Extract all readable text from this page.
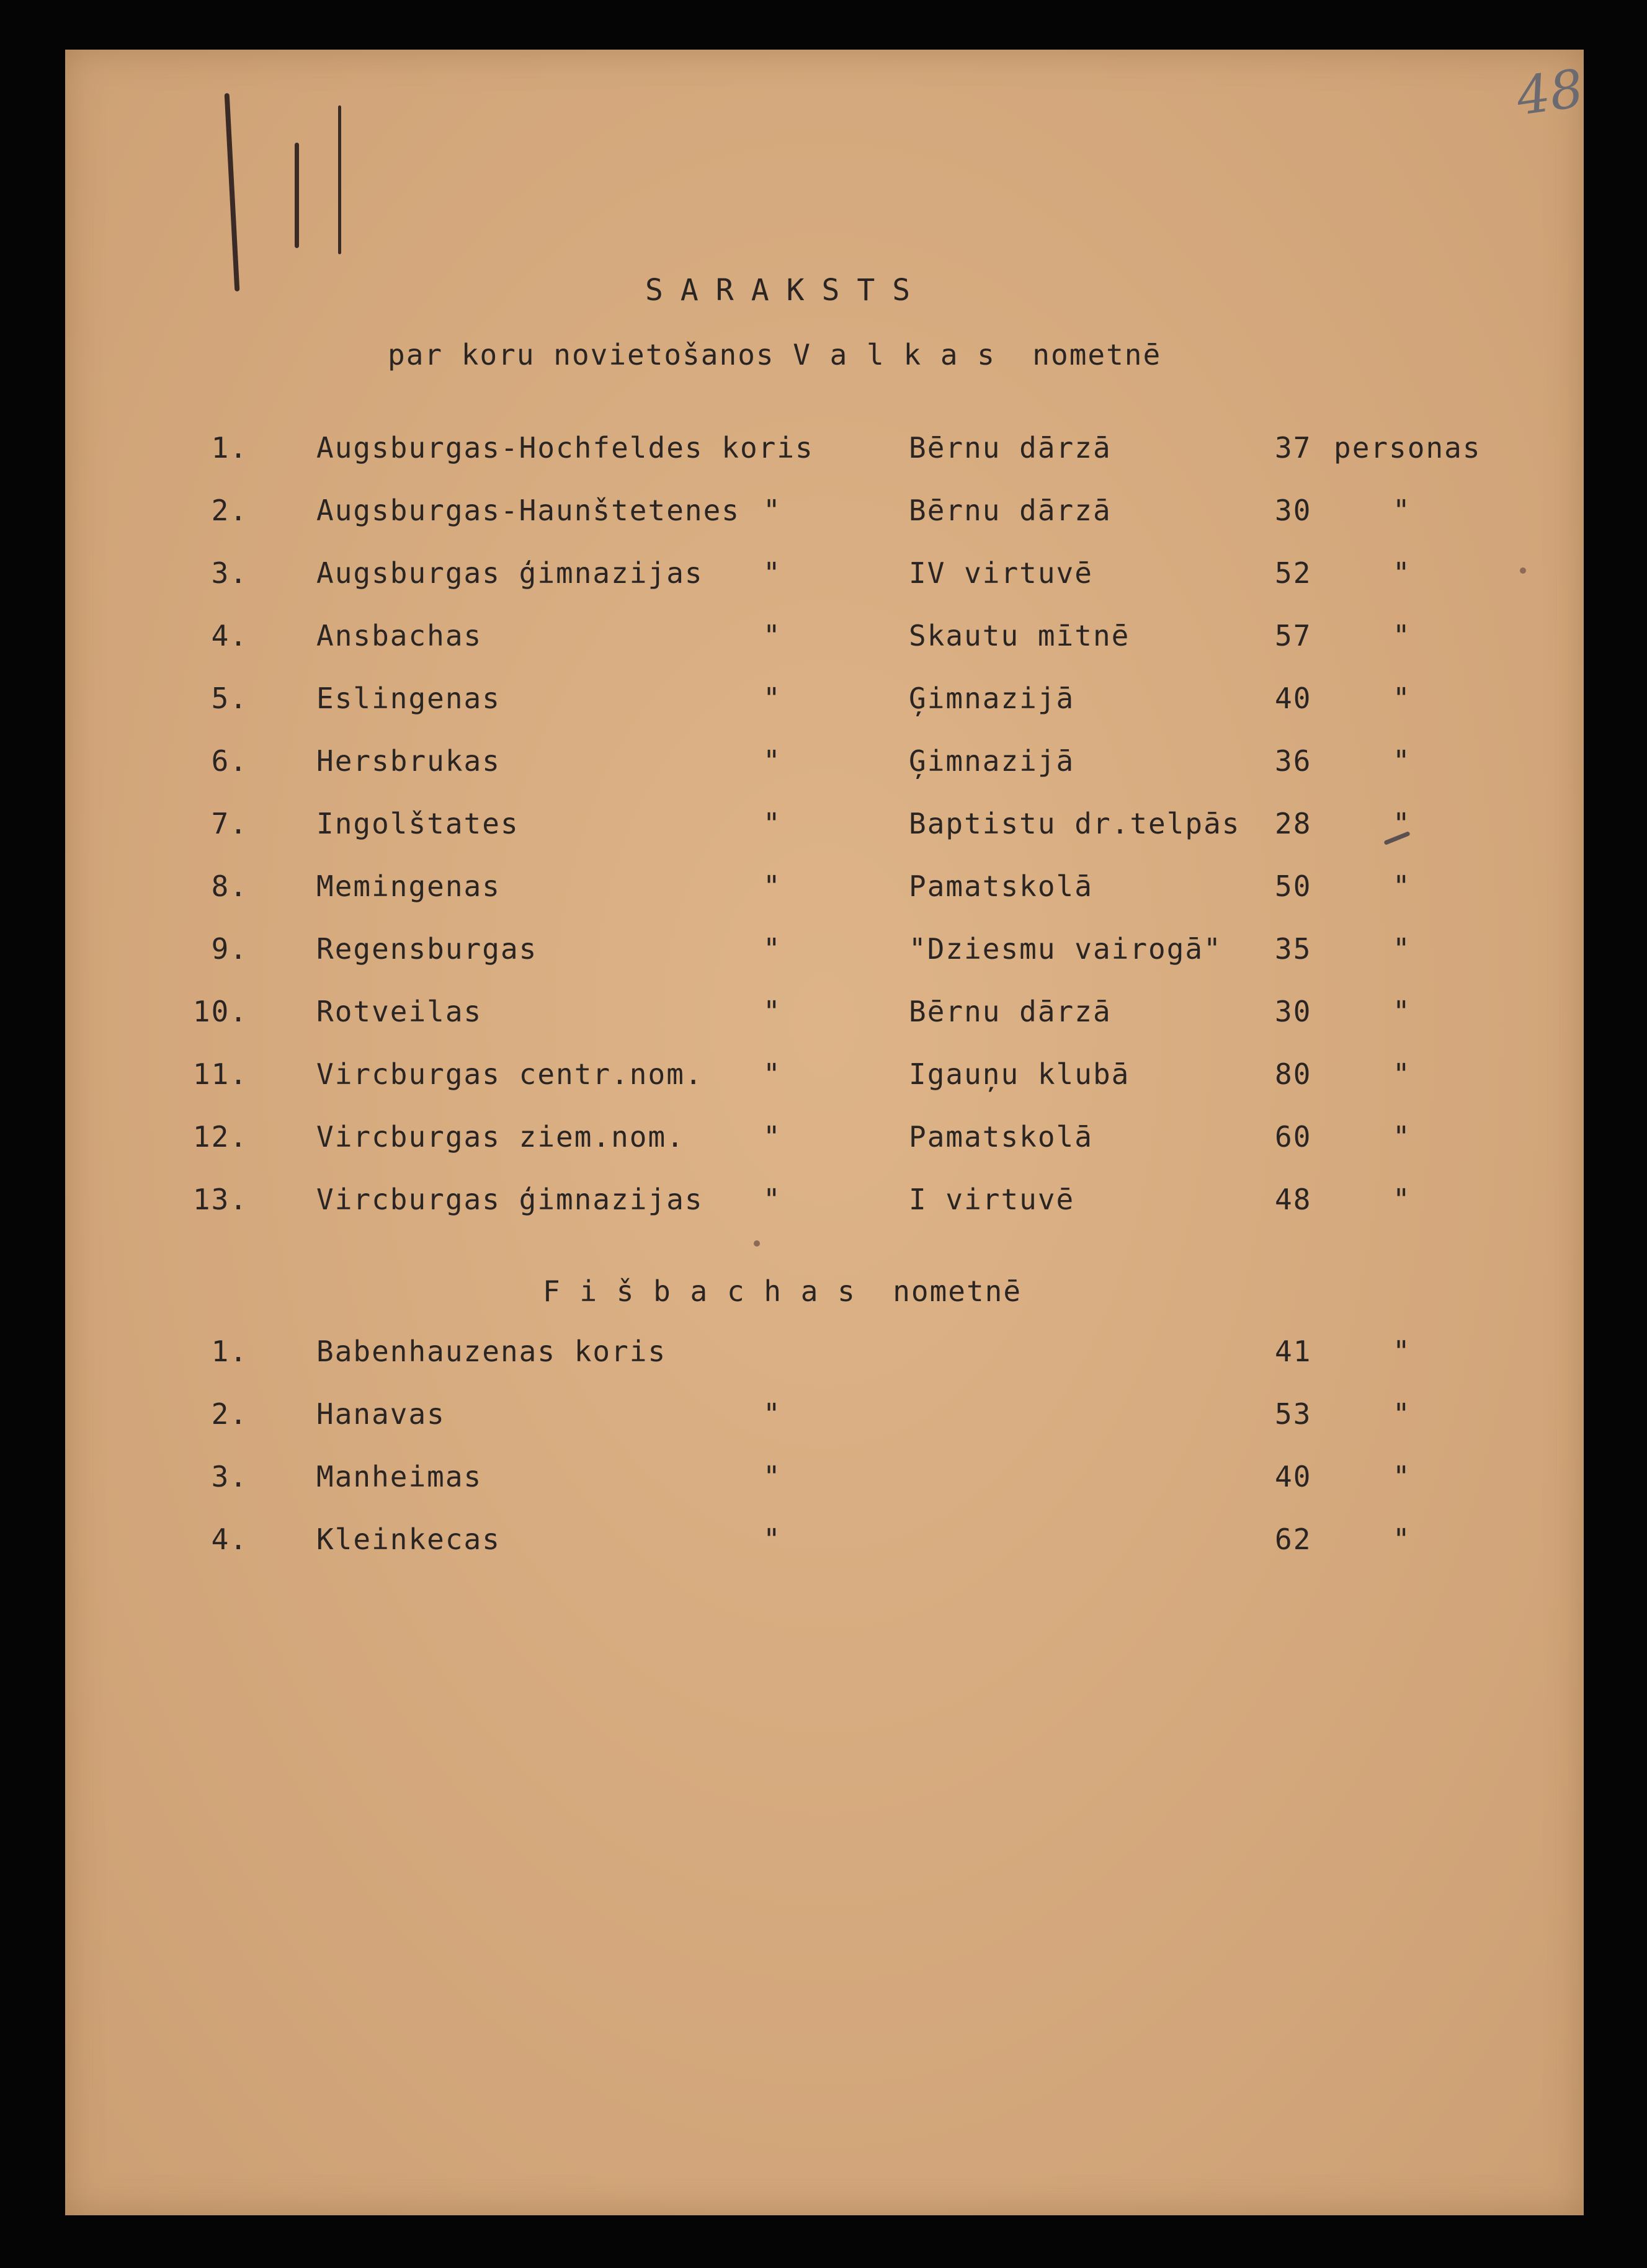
48
SARAKSTS
par koru novietošanos V a l k a s  nometnē
1. Augsburgas-Hochfeldes koris	Bērnu dārzā	37 personas
2. Augsburgas-Haunštetenes "	Bērnu dārzā	30	"
3. Augsburgas ģimnazijas "	IV virtuvē	52	"
4. Ansbachas	"	Skautu mītnē	57	"
5. Eslingenas	"	Ģimnazijā	40	"
6. Hersbrukas	"	Ģimnazijā	36	"
7. Ingolštates	"	Baptistu dr.telpās 28	"
8. Memingenas	"	Pamatskolā	50	"
9. Regensburgas	"	"Dziesmu vairogā" 35	"
10. Rotveilas	"	Bērnu dārzā	30	"
11. Vircburgas centr.nom. "	Igauņu klubā	80	"
12. Vircburgas ziem.nom.	"	Pamatskolā	60	"
13. Vircburgas ģimnazijas "	I virtuvē	48	"
F i š b a c h a s  nometnē
1. Babenhauzenas koris	41	"
2. Hanavas	"	53	"
3. Manheimas	"	40	"
4. Kleinkecas	"	62	"
